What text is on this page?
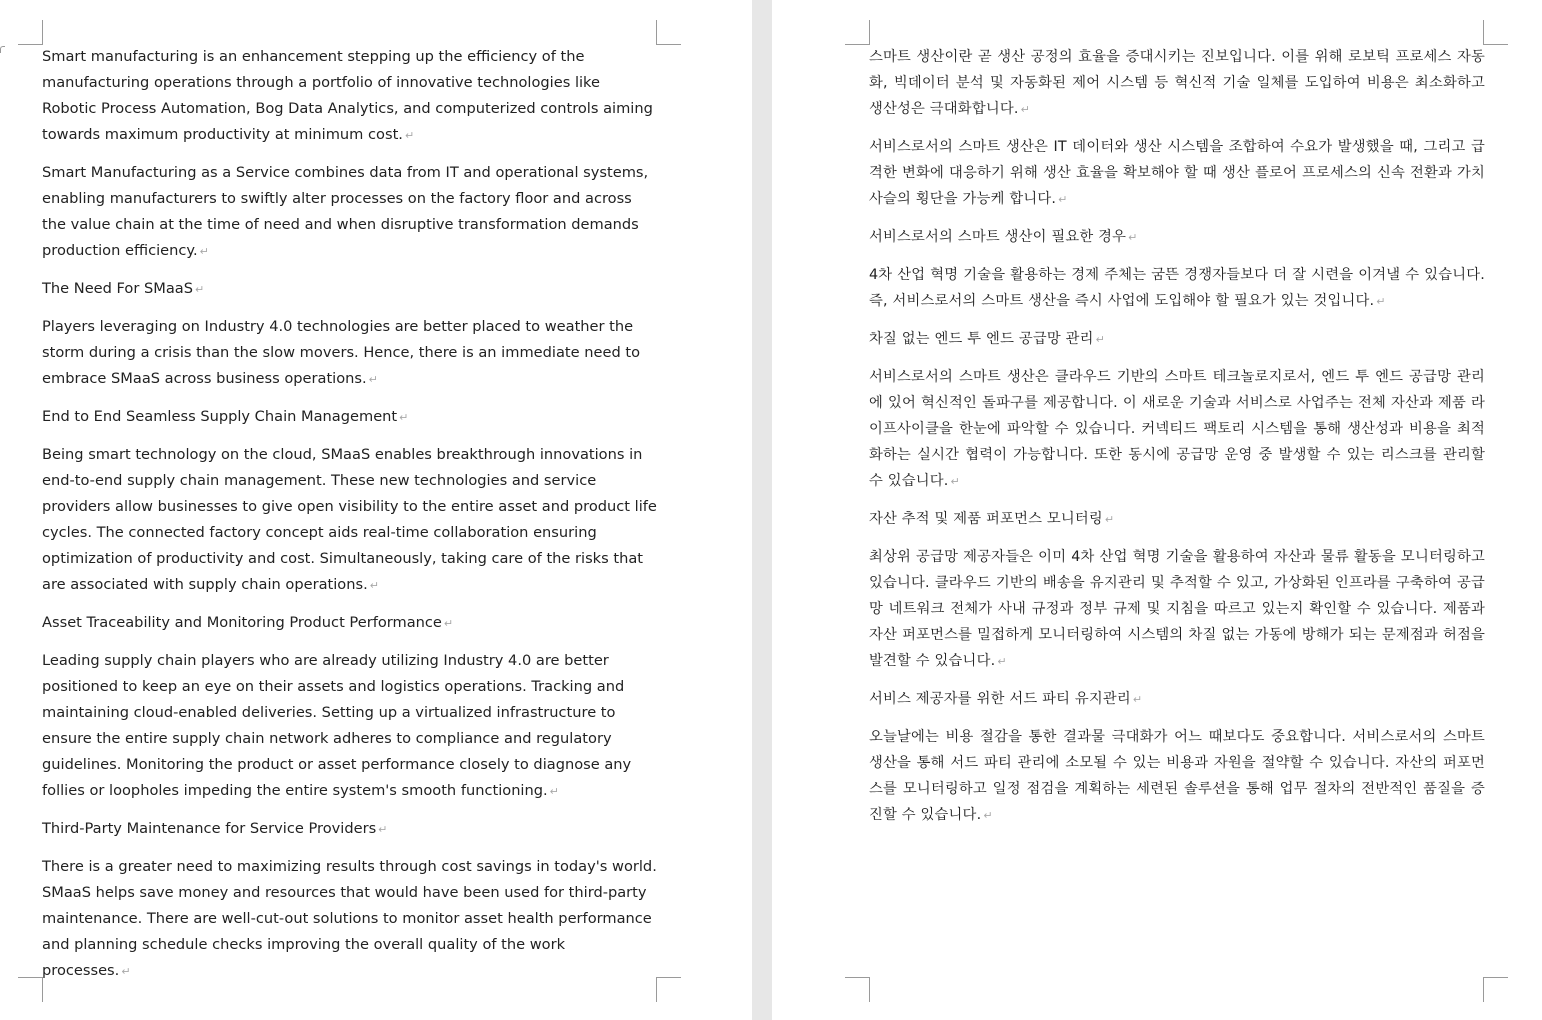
Smart manufacturing is an enhancement stepping up the efficiency of the manufacturing operations through a portfolio of innovative technologies like Robotic Process Automation, Bog Data Analytics, and computerized controls aiming towards maximum productivity at minimum cost. ↵

Smart Manufacturing as a Service combines data from IT and operational systems, enabling manufacturers to swiftly alter processes on the factory floor and across the value chain at the time of need and when disruptive transformation demands production efficiency. ↵

The Need For SMaaS ↵

Players leveraging on Industry 4.0 technologies are better placed to weather the storm during a crisis than the slow movers. Hence, there is an immediate need to embrace SMaaS across business operations. ↵

End to End Seamless Supply Chain Management ↵

Being smart technology on the cloud, SMaaS enables breakthrough innovations in end-to-end supply chain management. These new technologies and service providers allow businesses to give open visibility to the entire asset and product life cycles. The connected factory concept aids real-time collaboration ensuring optimization of productivity and cost. Simultaneously, taking care of the risks that are associated with supply chain operations. ↵

Asset Traceability and Monitoring Product Performance ↵

Leading supply chain players who are already utilizing Industry 4.0 are better positioned to keep an eye on their assets and logistics operations. Tracking and maintaining cloud-enabled deliveries. Setting up a virtualized infrastructure to ensure the entire supply chain network adheres to compliance and regulatory guidelines. Monitoring the product or asset performance closely to diagnose any follies or loopholes impeding the entire system's smooth functioning. ↵

Third-Party Maintenance for Service Providers ↵

There is a greater need to maximizing results through cost savings in today's world. SMaaS helps save money and resources that would have been used for third-party maintenance. There are well-cut-out solutions to monitor asset health performance and planning schedule checks improving the overall quality of the work processes. ↵

스마트 생산이란 곧 생산 공정의 효율을 증대시키는 진보입니다. 이를 위해 로보틱 프로세스 자동화, 빅데이터 분석 및 자동화된 제어 시스템 등 혁신적 기술 일체를 도입하여 비용은 최소화하고 생산성은 극대화합니다. ↵

서비스로서의 스마트 생산은 IT 데이터와 생산 시스템을 조합하여 수요가 발생했을 때, 그리고 급격한 변화에 대응하기 위해 생산 효율을 확보해야 할 때 생산 플로어 프로세스의 신속 전환과 가치 사슬의 횡단을 가능케 합니다. ↵

서비스로서의 스마트 생산이 필요한 경우 ↵

4차 산업 혁명 기술을 활용하는 경제 주체는 굼뜬 경쟁자들보다 더 잘 시련을 이겨낼 수 있습니다. 즉, 서비스로서의 스마트 생산을 즉시 사업에 도입해야 할 필요가 있는 것입니다. ↵

차질 없는 엔드 투 엔드 공급망 관리 ↵

서비스로서의 스마트 생산은 클라우드 기반의 스마트 테크놀로지로서, 엔드 투 엔드 공급망 관리에 있어 혁신적인 돌파구를 제공합니다. 이 새로운 기술과 서비스로 사업주는 전체 자산과 제품 라이프사이클을 한눈에 파악할 수 있습니다. 커넥티드 팩토리 시스템을 통해 생산성과 비용을 최적화하는 실시간 협력이 가능합니다. 또한 동시에 공급망 운영 중 발생할 수 있는 리스크를 관리할 수 있습니다. ↵

자산 추적 및 제품 퍼포먼스 모니터링 ↵

최상위 공급망 제공자들은 이미 4차 산업 혁명 기술을 활용하여 자산과 물류 활동을 모니터링하고 있습니다. 클라우드 기반의 배송을 유지관리 및 추적할 수 있고, 가상화된 인프라를 구축하여 공급망 네트워크 전체가 사내 규정과 정부 규제 및 지침을 따르고 있는지 확인할 수 있습니다. 제품과 자산 퍼포먼스를 밀접하게 모니터링하여 시스템의 차질 없는 가동에 방해가 되는 문제점과 허점을 발견할 수 있습니다. ↵

서비스 제공자를 위한 서드 파티 유지관리 ↵

오늘날에는 비용 절감을 통한 결과물 극대화가 어느 때보다도 중요합니다. 서비스로서의 스마트 생산을 통해 서드 파티 관리에 소모될 수 있는 비용과 자원을 절약할 수 있습니다. 자산의 퍼포먼스를 모니터링하고 일정 점검을 계획하는 세련된 솔루션을 통해 업무 절차의 전반적인 품질을 증진할 수 있습니다. ↵
